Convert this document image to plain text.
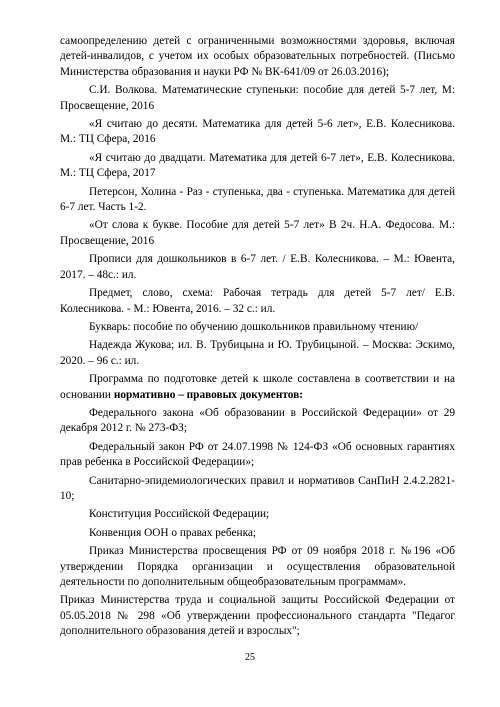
самоопределению детей с ограниченными возможностями здоровья, включая детей-инвалидов, с учетом их особых образовательных потребностей. (Письмо Министерства образования и науки РФ № ВК-641/09 от 26.03.2016);

С.И. Волкова. Математические ступеньки: пособие для детей 5-7 лет, М: Просвещение, 2016

«Я считаю до десяти. Математика для детей 5-6 лет», Е.В. Колесникова. М.: ТЦ Сфера, 2016

«Я считаю до двадцати. Математика для детей 6-7 лет», Е.В. Колесникова. М.: ТЦ Сфера, 2017

Петерсон, Холина - Раз - ступенька, два - ступенька. Математика для детей 6-7 лет. Часть 1-2.

«От слова к букве. Пособие для детей 5-7 лет» В 2ч. Н.А. Федосова. М.: Просвещение, 2016

Прописи для дошкольников в 6-7 лет. / Е.В. Колесникова. – М.: Ювента, 2017. – 48с.: ил.

Предмет, слово, схема: Рабочая тетрадь для детей 5-7 лет/ Е.В. Колесникова. - М.: Ювента, 2016. – 32 с.: ил.

Букварь: пособие по обучению дошкольников правильному чтению/

Надежда Жукова; ил. В. Трубицына и Ю. Трубицыной. – Москва: Эскимо, 2020. – 96 с.: ил.

Программа по подготовке детей к школе составлена в соответствии и на основании нормативно – правовых документов:

Федерального закона «Об образовании в Российской Федерации» от 29 декабря 2012 г. № 273-ФЗ;

Федеральный закон РФ от 24.07.1998 № 124-ФЗ «Об основных гарантиях прав ребенка в Российской Федерации»;

Санитарно-эпидемиологических правил и нормативов СанПиН 2.4.2.2821-10;

Конституция Российской Федерации;

Конвенция ООН о правах ребенка;

Приказ Министерства просвещения РФ от 09 ноября 2018 г. №196 «Об утверждении Порядка организации и осуществления образовательной деятельности по дополнительным общеобразовательным программам».

Приказ Министерства труда и социальной защиты Российской Федерации от 05.05.2018 № 298 «Об утверждении профессионального стандарта "Педагог дополнительного образования детей и взрослых";

25
